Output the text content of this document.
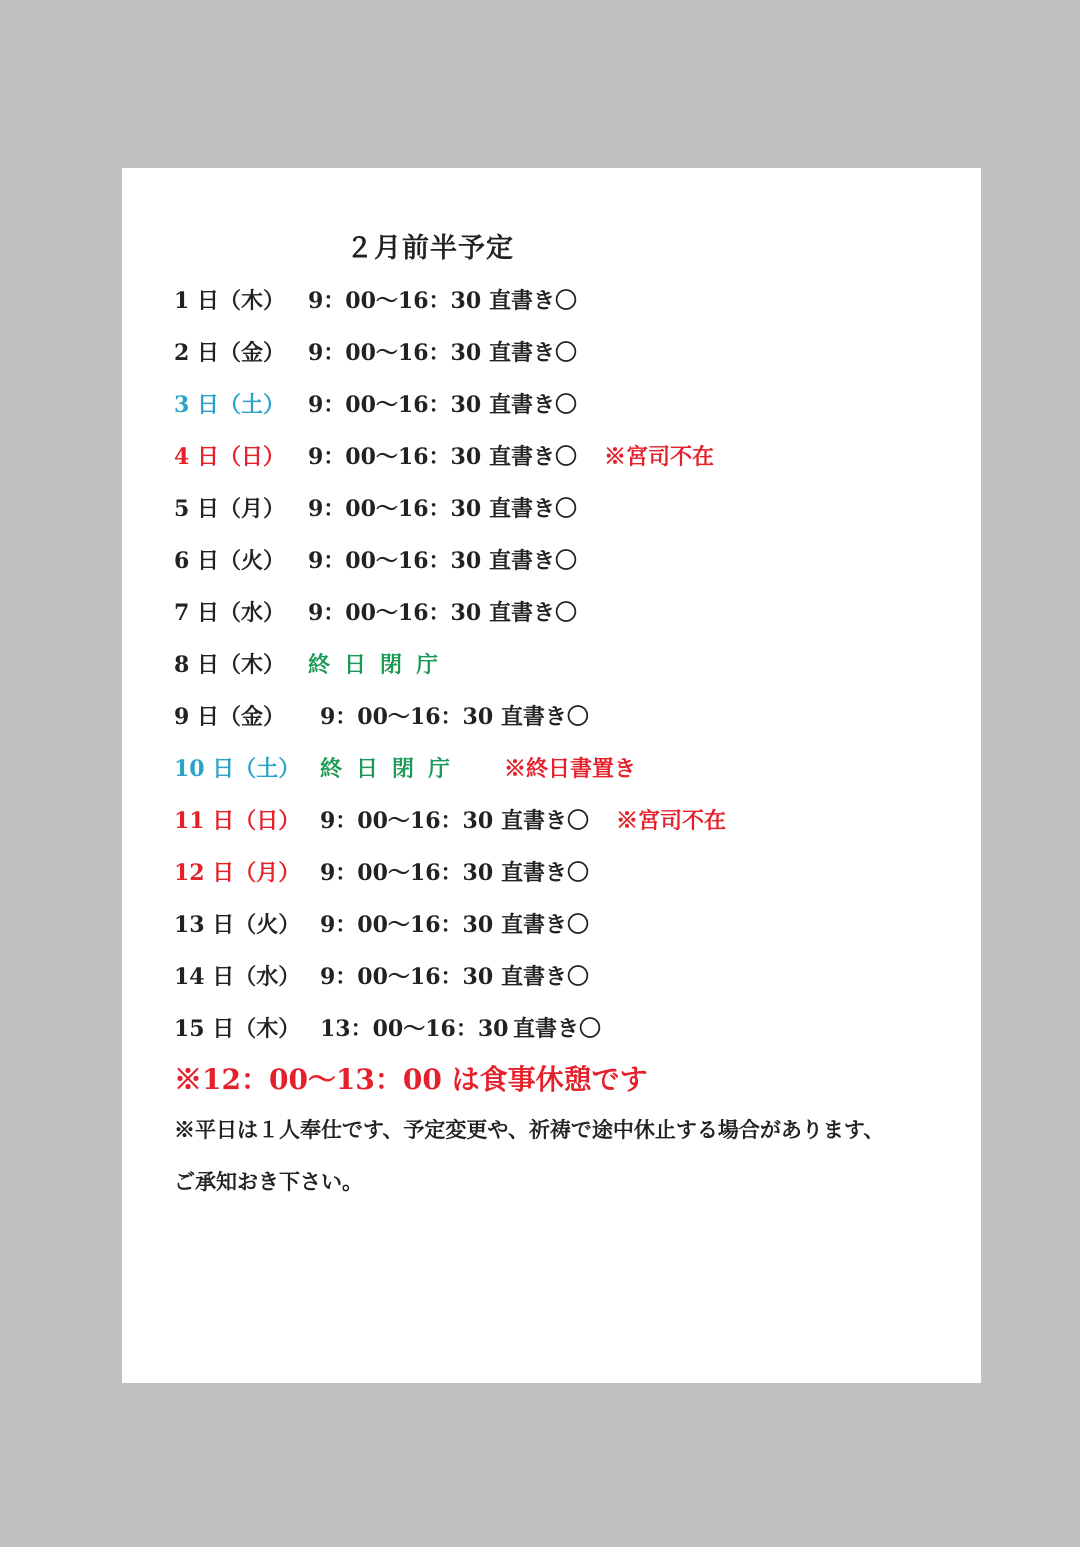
２月前半予定
1 日（木） 9：00〜16：30 直書き〇
2 日（金） 9：00〜16：30 直書き〇
3 日（土） 9：00〜16：30 直書き〇
4 日（日） 9：00〜16：30 直書き〇 ※宮司不在
5 日（月） 9：00〜16：30 直書き〇
6 日（火） 9：00〜16：30 直書き〇
7 日（水） 9：00〜16：30 直書き〇
8 日（木） 終日閉庁
9 日（金） 9：00〜16：30 直書き〇
10 日（土） 終日閉庁 ※終日書置き
11 日（日） 9：00〜16：30 直書き〇 ※宮司不在
12 日（月） 9：00〜16：30 直書き〇
13 日（火） 9：00〜16：30 直書き〇
14 日（水） 9：00〜16：30 直書き〇
15 日（木） 13：00〜16：30 直書き〇
※12：00〜13：00 は食事休憩です
※平日は１人奉仕です、予定変更や、祈祷で途中休止する場合があります、
ご承知おき下さい。
